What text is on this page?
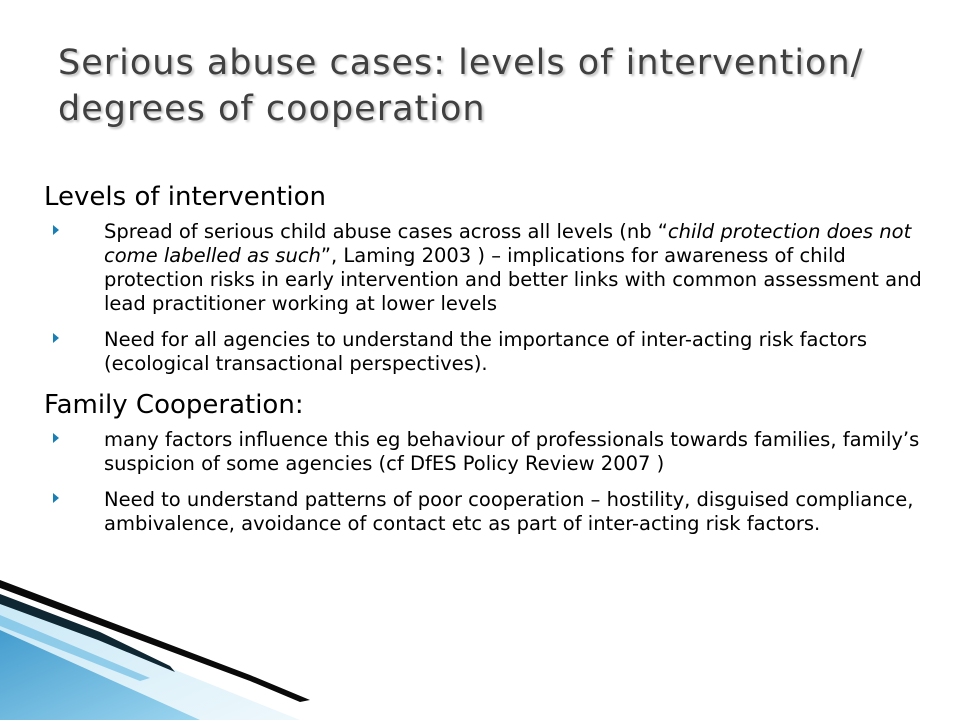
Serious abuse cases: levels of intervention/ degrees of cooperation
Levels of intervention

Spread of serious child abuse cases across all levels (nb “child protection does not come labelled as such”, Laming 2003 ) – implications for awareness of child protection risks in early intervention and better links with common assessment and lead practitioner working at lower levels

Need for all agencies to understand the importance of inter-acting risk factors (ecological transactional perspectives).

Family Cooperation:

many factors influence this eg behaviour of professionals towards families, family’s suspicion of some agencies (cf DfES Policy Review 2007 )

Need to understand patterns of poor cooperation – hostility, disguised compliance, ambivalence, avoidance of contact etc as part of inter-acting risk factors.
